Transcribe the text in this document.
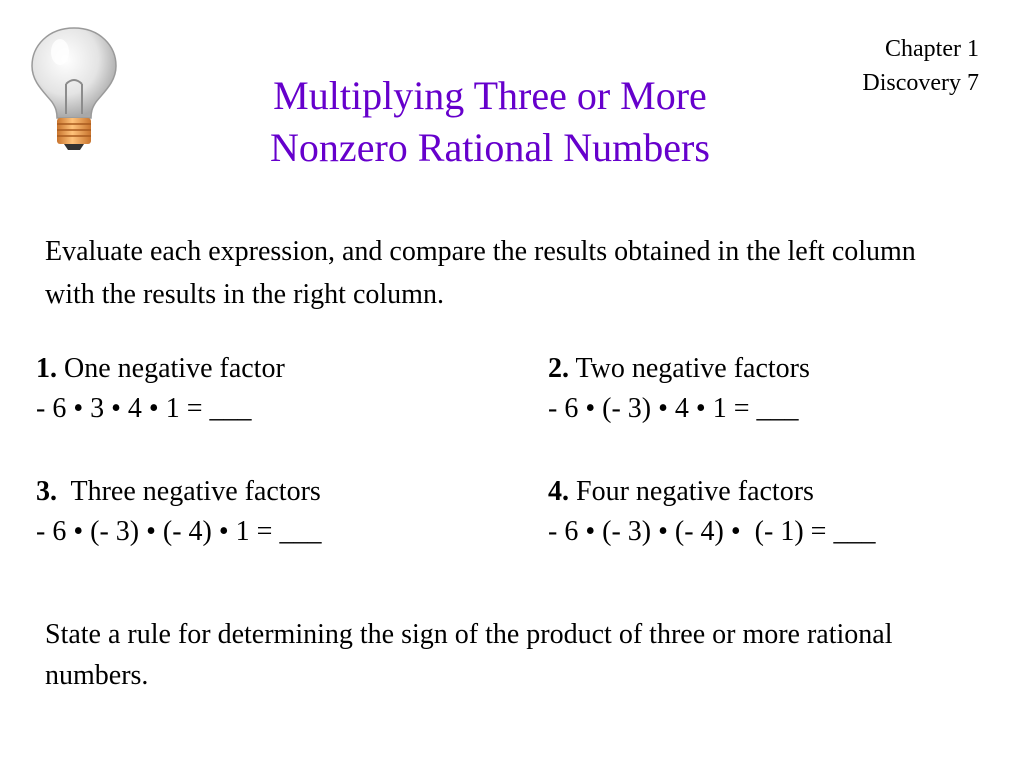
Multiplying Three or More
Nonzero Rational Numbers
Chapter 1
Discovery 7
Evaluate each expression, and compare the results obtained in the left column with the results in the right column.
1. One negative factor
- 6 • 3 • 4 • 1 = ___
2. Two negative factors
- 6 • (- 3) • 4 • 1 = ___
3.  Three negative factors
- 6 • (- 3) • (- 4) • 1 = ___
4. Four negative factors
- 6 • (- 3) • (- 4) •  (- 1) = ___
State a rule for determining the sign of the product of three or more rational numbers.
